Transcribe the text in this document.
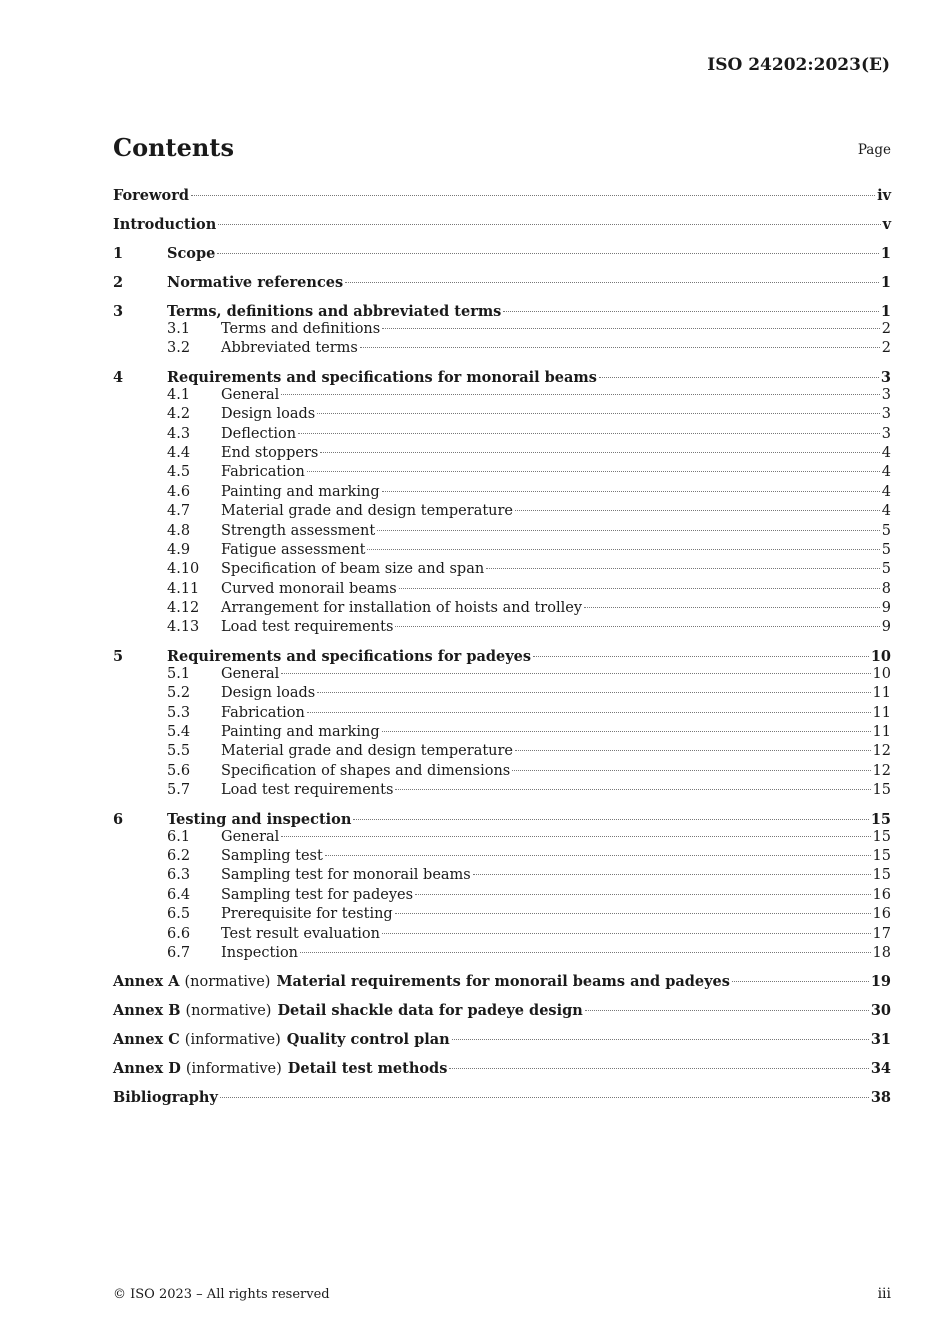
ISO 24202:2023(E)
Contents	Page
Foreword	iv
Introduction	v
1	Scope	1
2	Normative references	1
3	Terms, definitions and abbreviated terms	1
3.1	Terms and definitions	2
3.2	Abbreviated terms	2
4	Requirements and specifications for monorail beams	3
4.1	General	3
4.2	Design loads	3
4.3	Deflection	3
4.4	End stoppers	4
4.5	Fabrication	4
4.6	Painting and marking	4
4.7	Material grade and design temperature	4
4.8	Strength assessment	5
4.9	Fatigue assessment	5
4.10	Specification of beam size and span	5
4.11	Curved monorail beams	8
4.12	Arrangement for installation of hoists and trolley	9
4.13	Load test requirements	9
5	Requirements and specifications for padeyes	10
5.1	General	10
5.2	Design loads	11
5.3	Fabrication	11
5.4	Painting and marking	11
5.5	Material grade and design temperature	12
5.6	Specification of shapes and dimensions	12
5.7	Load test requirements	15
6	Testing and inspection	15
6.1	General	15
6.2	Sampling test	15
6.3	Sampling test for monorail beams	15
6.4	Sampling test for padeyes	16
6.5	Prerequisite for testing	16
6.6	Test result evaluation	17
6.7	Inspection	18
Annex A (normative) Material requirements for monorail beams and padeyes	19
Annex B (normative) Detail shackle data for padeye design	30
Annex C (informative) Quality control plan	31
Annex D (informative) Detail test methods	34
Bibliography	38
© ISO 2023 – All rights reserved	iii
